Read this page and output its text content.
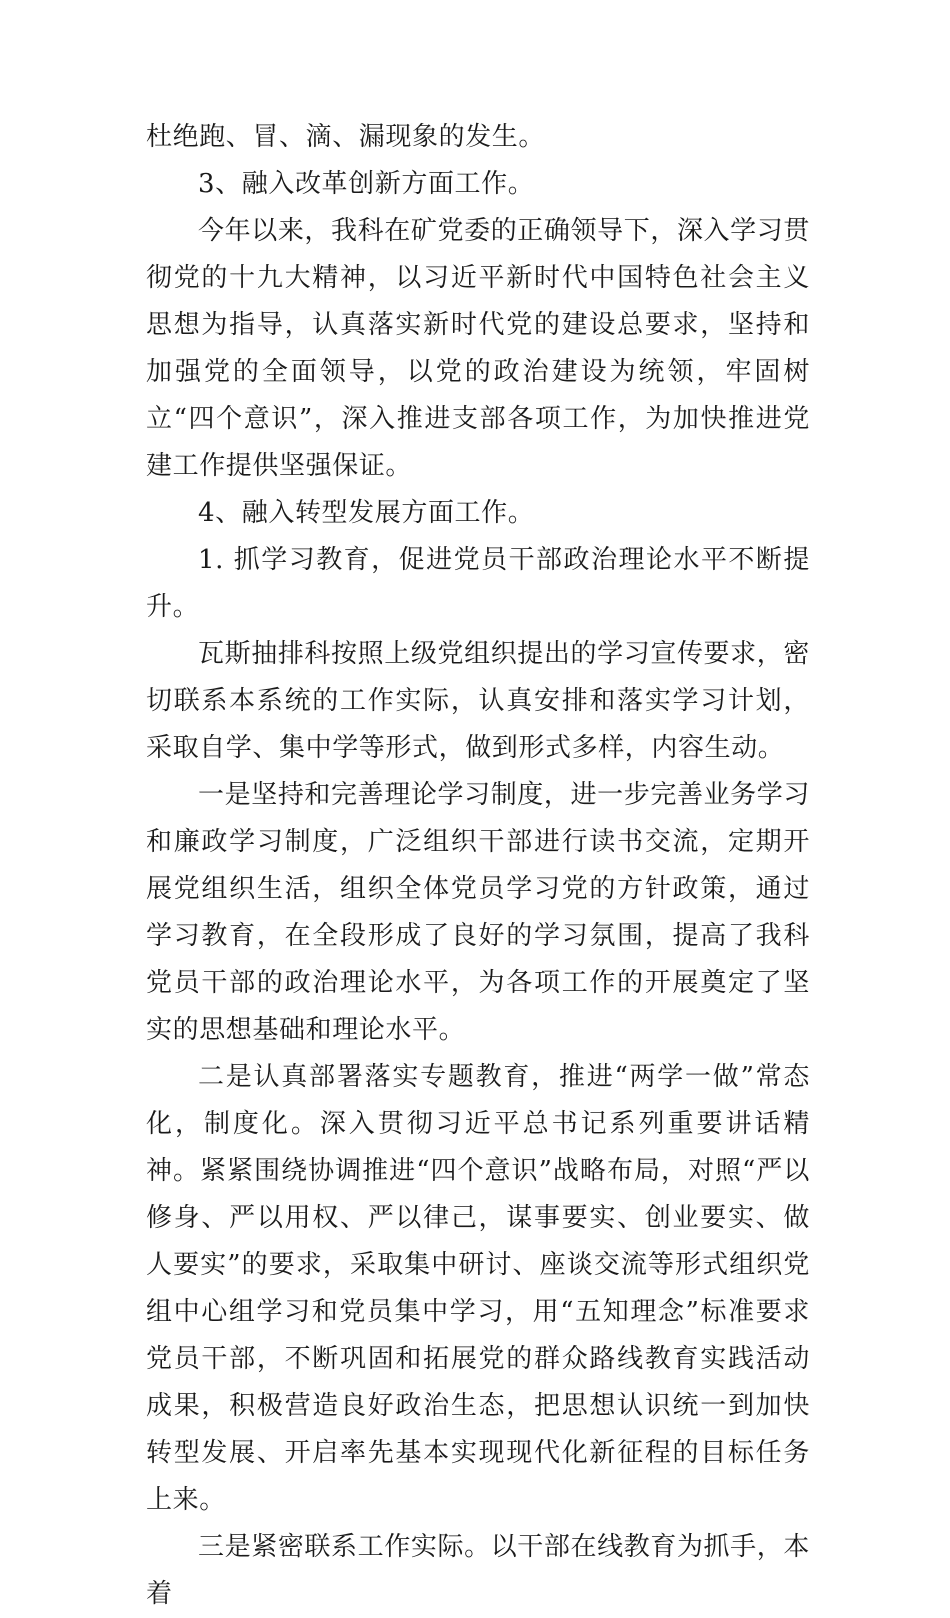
杜绝跑、冒、滴、漏现象的发生。

3、融入改革创新方面工作。

今年以来，我科在矿党委的正确领导下，深入学习贯彻党的十九大精神，以习近平新时代中国特色社会主义思想为指导，认真落实新时代党的建设总要求，坚持和加强党的全面领导，以党的政治建设为统领，牢固树立“四个意识”，深入推进支部各项工作，为加快推进党建工作提供坚强保证。

4、融入转型发展方面工作。

1. 抓学习教育，促进党员干部政治理论水平不断提升。

瓦斯抽排科按照上级党组织提出的学习宣传要求，密切联系本系统的工作实际，认真安排和落实学习计划，采取自学、集中学等形式，做到形式多样，内容生动。

一是坚持和完善理论学习制度，进一步完善业务学习和廉政学习制度，广泛组织干部进行读书交流，定期开展党组织生活，组织全体党员学习党的方针政策，通过学习教育，在全段形成了良好的学习氛围，提高了我科党员干部的政治理论水平，为各项工作的开展奠定了坚实的思想基础和理论水平。

二是认真部署落实专题教育，推进“两学一做”常态化，制度化。深入贯彻习近平总书记系列重要讲话精神。紧紧围绕协调推进“四个意识”战略布局，对照“严以修身、严以用权、严以律己，谋事要实、创业要实、做人要实”的要求，采取集中研讨、座谈交流等形式组织党组中心组学习和党员集中学习，用“五知理念”标准要求党员干部，不断巩固和拓展党的群众路线教育实践活动成果，积极营造良好政治生态，把思想认识统一到加快转型发展、开启率先基本实现现代化新征程的目标任务上来。

三是紧密联系工作实际。以干部在线教育为抓手，本着
